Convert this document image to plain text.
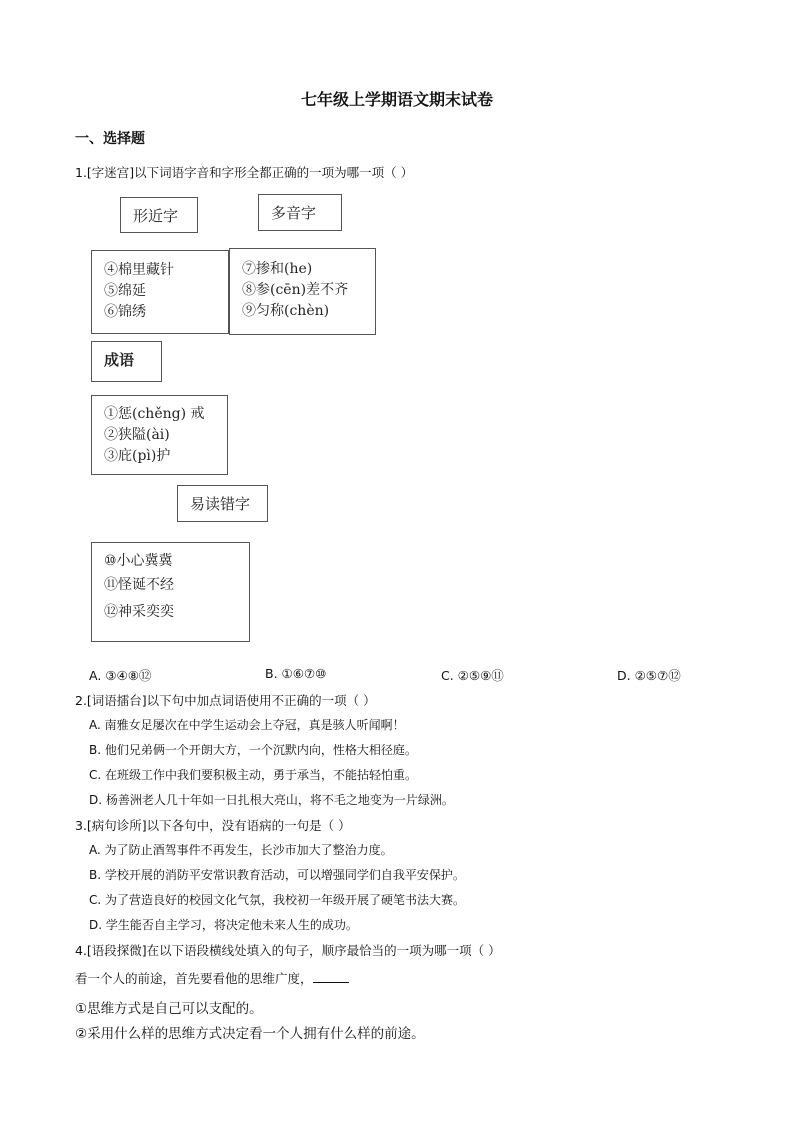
七年级上学期语文期末试卷
一、选择题
1.[字迷宫]以下词语字音和字形全都正确的一项为哪一项（ ）
形近字	多音字
④棉里藏针
⑤绵延
⑥锦绣
⑦掺和(he)
⑧参(cēn)差不齐
⑨匀称(chèn)
成语
①惩(chěng) 戒
②狭隘(ài)
③庇(pì)护
易读错字
⑩小心冀冀
⑪怪诞不经
⑫神采奕奕
A. ③④⑧⑫	B. ①⑥⑦⑩	C. ②⑤⑨⑪	D. ②⑤⑦⑫
2.[词语擂台]以下句中加点词语使用不正确的一项（ ）
A. 南雅女足屡次在中学生运动会上夺冠，真是骇人听闻啊！
B. 他们兄弟俩一个开朗大方，一个沉默内向，性格大相径庭。
C. 在班级工作中我们要积极主动，勇于承当，不能拈轻怕重。
D. 杨善洲老人几十年如一日扎根大亮山，将不毛之地变为一片绿洲。
3.[病句诊所]以下各句中，没有语病的一句是（ ）
A. 为了防止酒驾事件不再发生，长沙市加大了整治力度。
B. 学校开展的消防平安常识教育活动，可以增强同学们自我平安保护。
C. 为了营造良好的校园文化气氛，我校初一年级开展了硬笔书法大赛。
D. 学生能否自主学习，将决定他未来人生的成功。
4.[语段探微]在以下语段横线处填入的句子，顺序最恰当的一项为哪一项（ ）
看一个人的前途，首先要看他的思维广度，
①思维方式是自己可以支配的。
②采用什么样的思维方式决定看一个人拥有什么样的前途。
